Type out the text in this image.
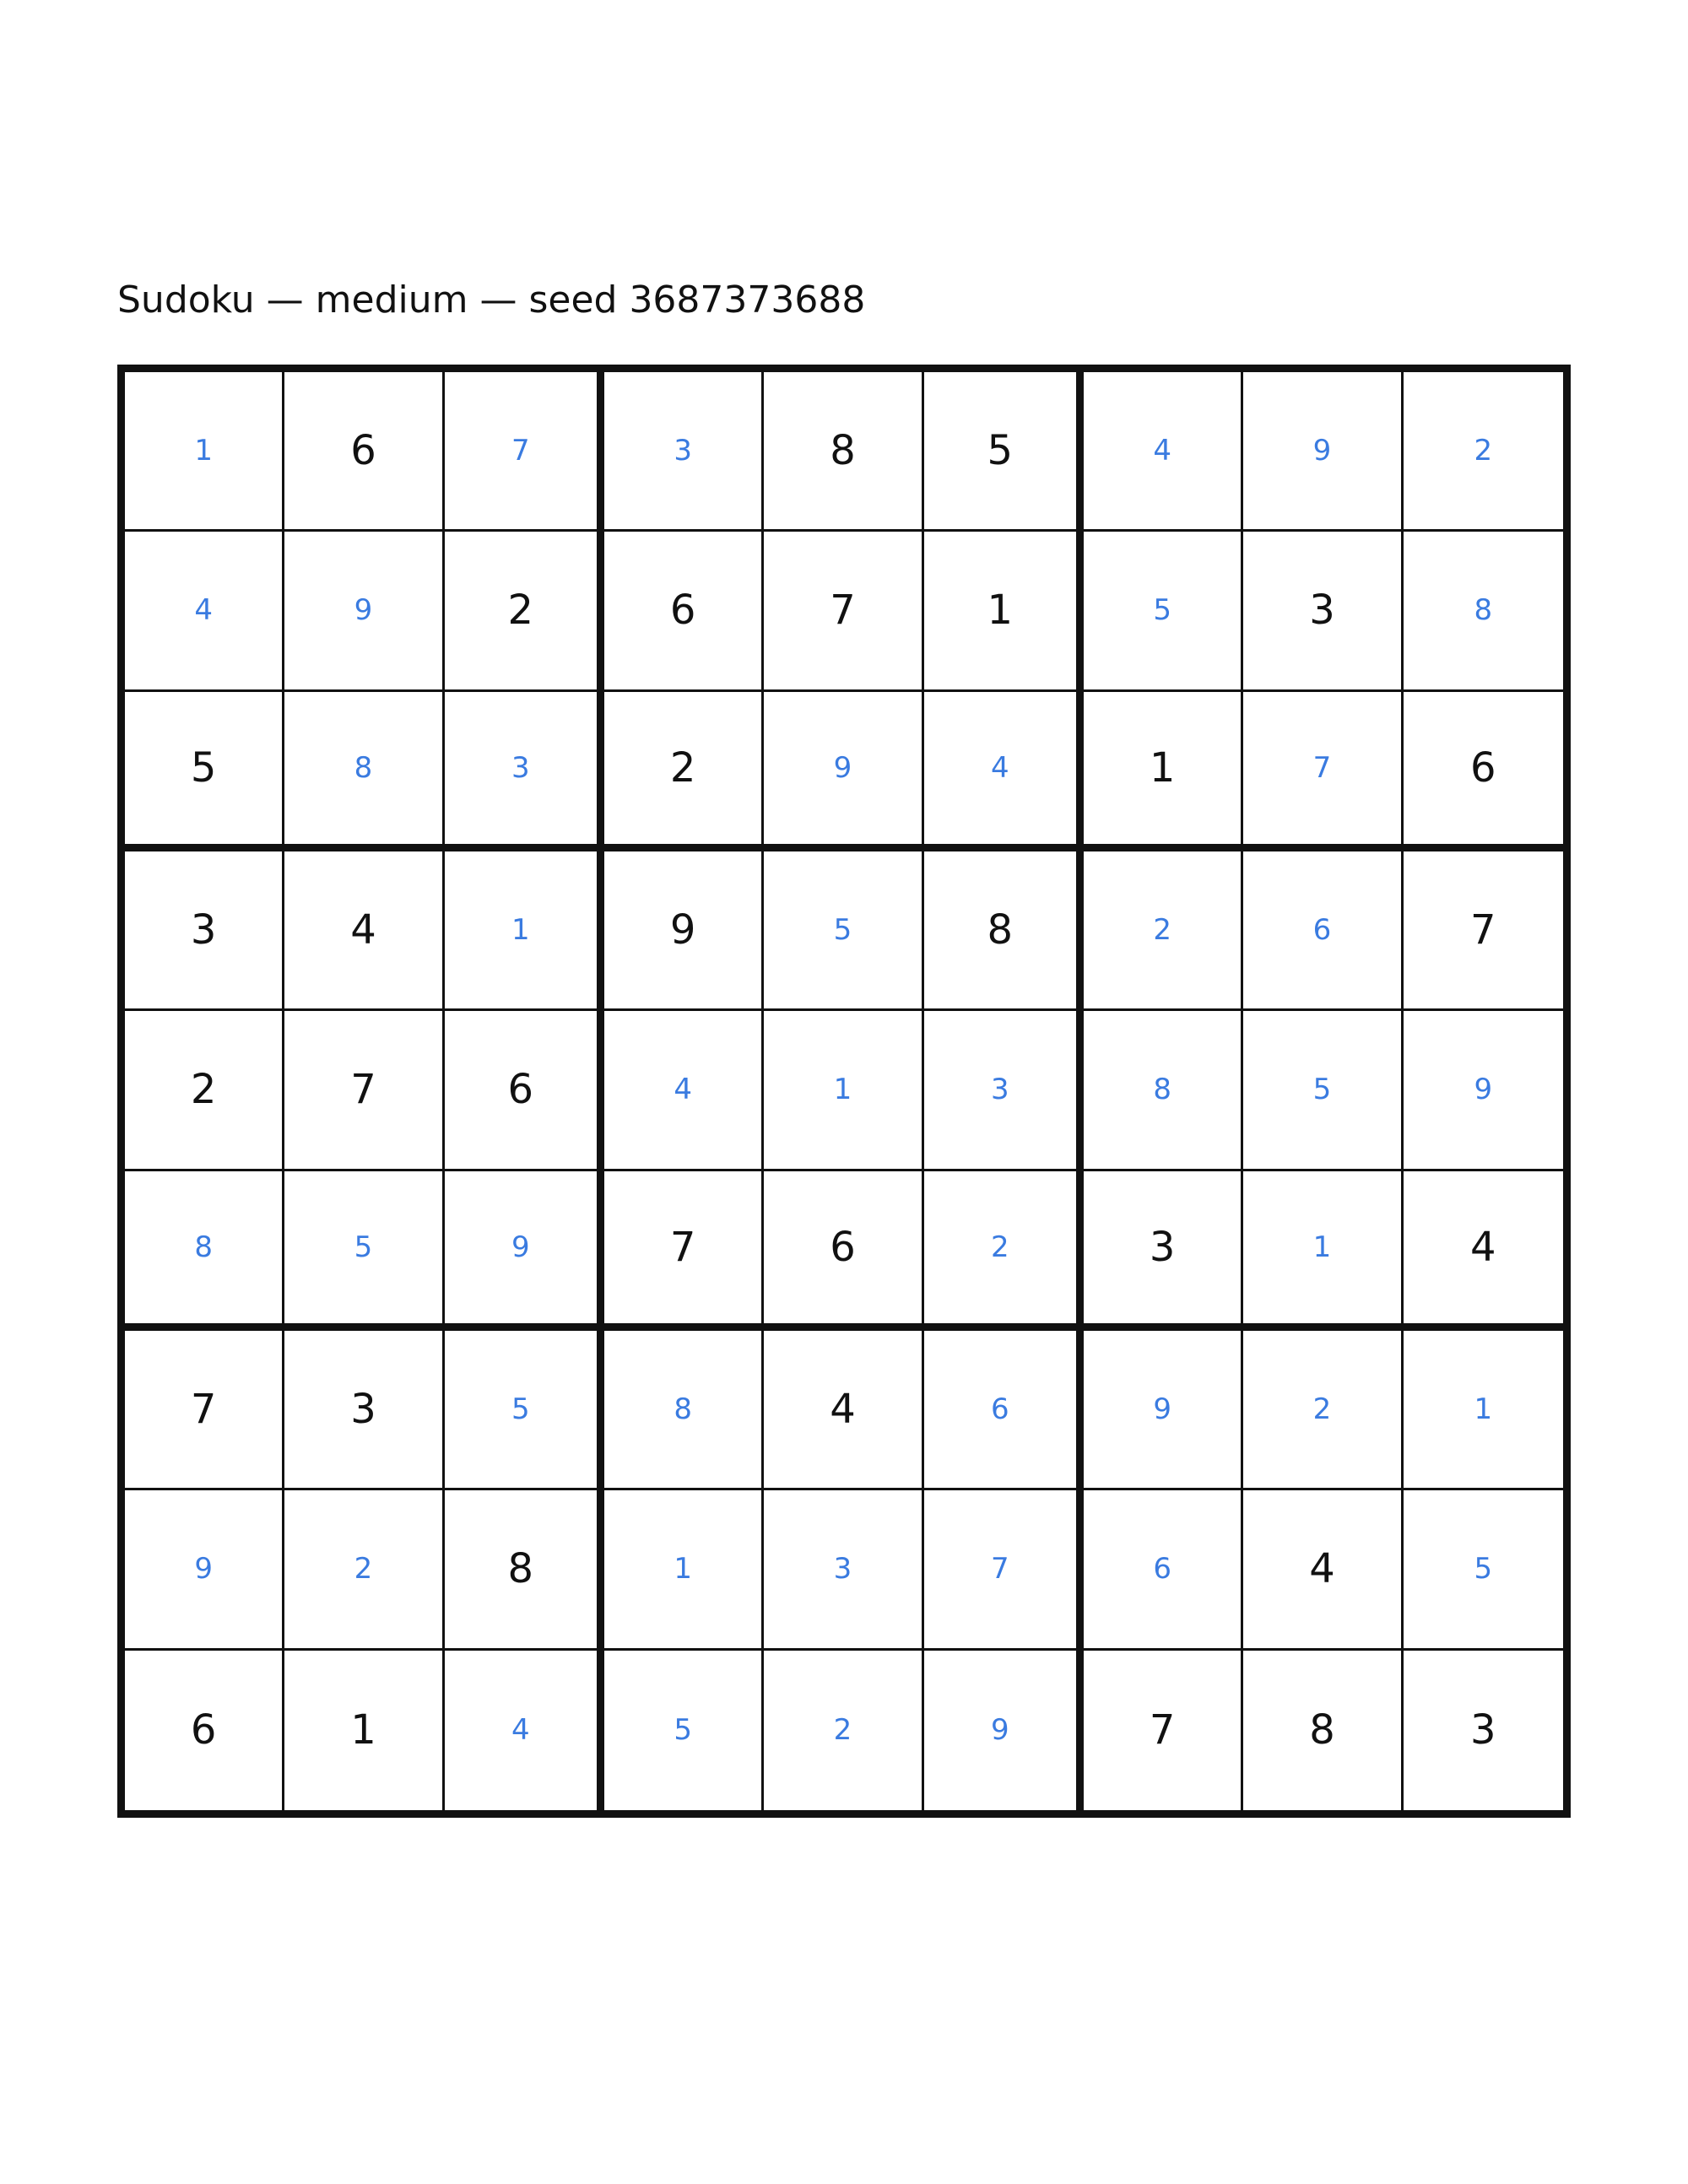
Sudoku — medium — seed 3687373688
1	6	7	3	8	5	4	9	2
4	9	2	6	7	1	5	3	8
5	8	3	2	9	4	1	7	6
3	4	1	9	5	8	2	6	7
2	7	6	4	1	3	8	5	9
8	5	9	7	6	2	3	1	4
7	3	5	8	4	6	9	2	1
9	2	8	1	3	7	6	4	5
6	1	4	5	2	9	7	8	3
